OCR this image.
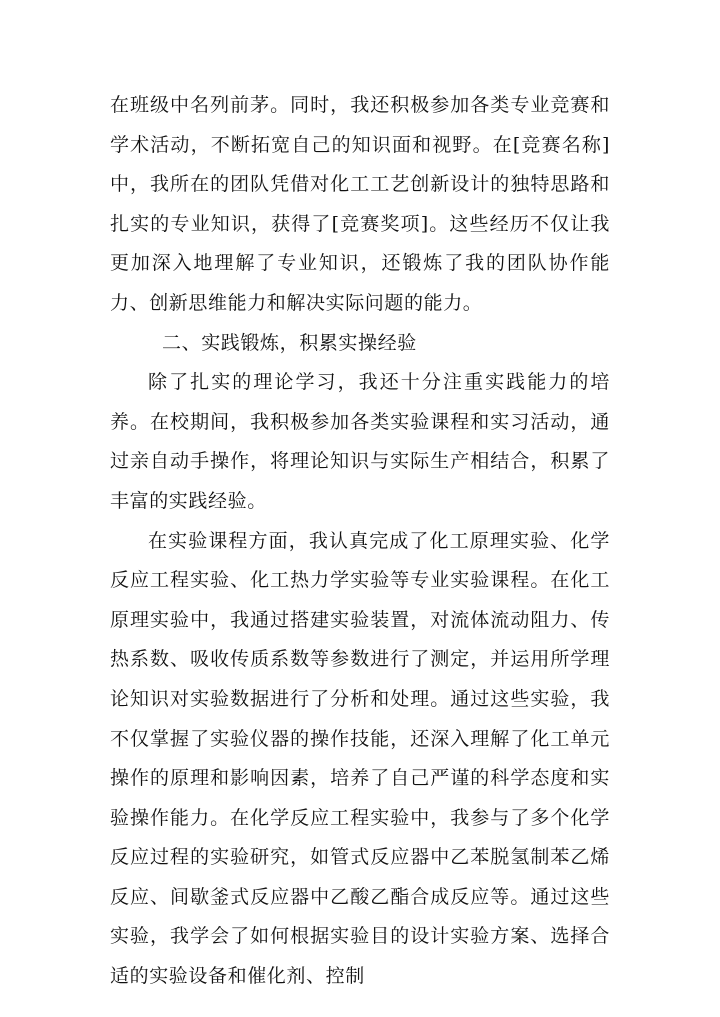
在班级中名列前茅。同时，我还积极参加各类专业竞赛和学术活动，不断拓宽自己的知识面和视野。在[竞赛名称]中，我所在的团队凭借对化工工艺创新设计的独特思路和扎实的专业知识，获得了[竞赛奖项]。这些经历不仅让我更加深入地理解了专业知识，还锻炼了我的团队协作能力、创新思维能力和解决实际问题的能力。

二、实践锻炼，积累实操经验

除了扎实的理论学习，我还十分注重实践能力的培养。在校期间，我积极参加各类实验课程和实习活动，通过亲自动手操作，将理论知识与实际生产相结合，积累了丰富的实践经验。

在实验课程方面，我认真完成了化工原理实验、化学反应工程实验、化工热力学实验等专业实验课程。在化工原理实验中，我通过搭建实验装置，对流体流动阻力、传热系数、吸收传质系数等参数进行了测定，并运用所学理论知识对实验数据进行了分析和处理。通过这些实验，我不仅掌握了实验仪器的操作技能，还深入理解了化工单元操作的原理和影响因素，培养了自己严谨的科学态度和实验操作能力。在化学反应工程实验中，我参与了多个化学反应过程的实验研究，如管式反应器中乙苯脱氢制苯乙烯反应、间歇釜式反应器中乙酸乙酯合成反应等。通过这些实验，我学会了如何根据实验目的设计实验方案、选择合适的实验设备和催化剂、控制
